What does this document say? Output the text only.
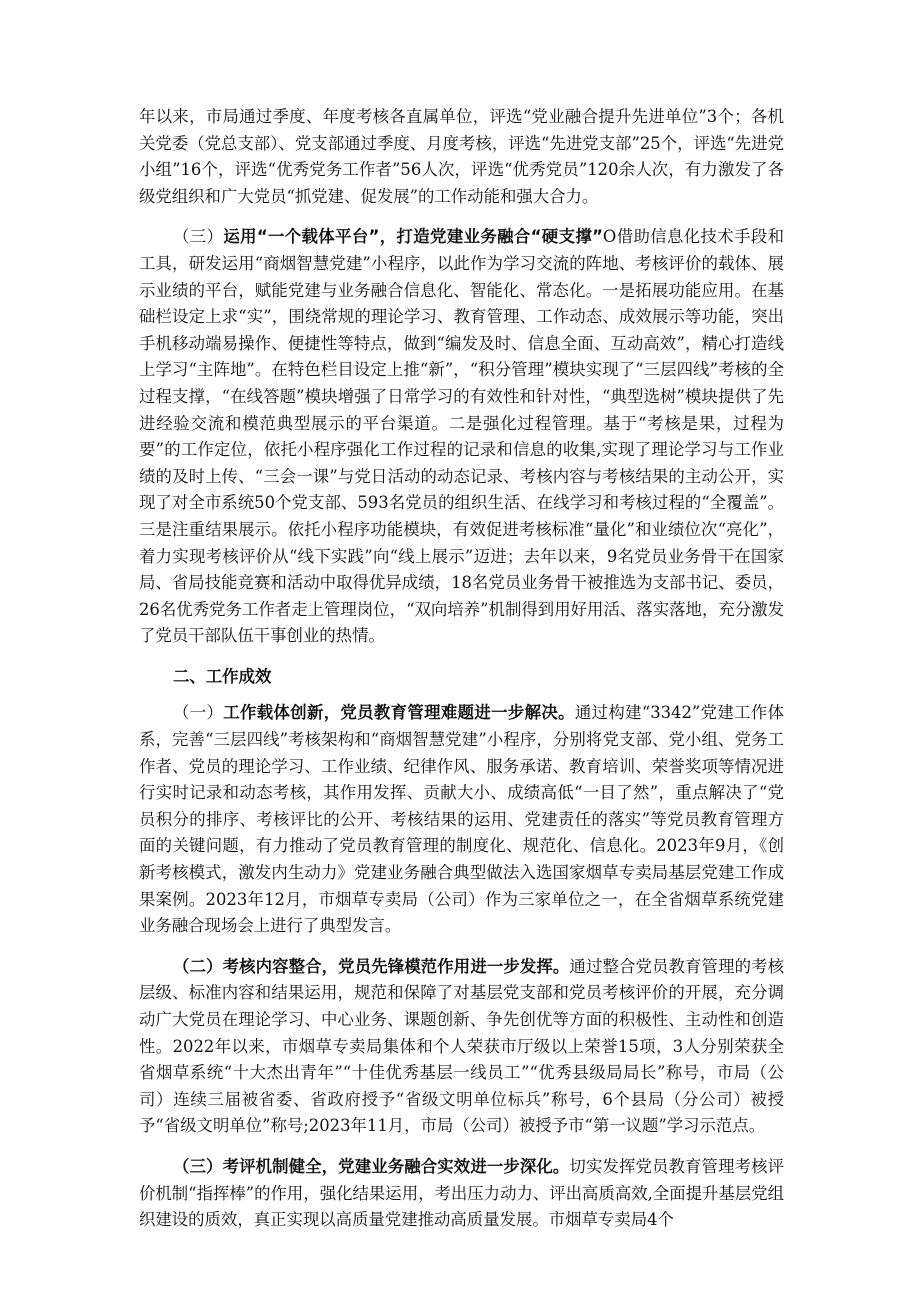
年以来，市局通过季度、年度考核各直属单位，评选“党业融合提升先进单位”3个；各机关党委（党总支部）、党支部通过季度、月度考核，评选“先进党支部”25个，评选“先进党小组”16个，评选“优秀党务工作者”56人次，评选“优秀党员”120余人次，有力激发了各级党组织和广大党员“抓党建、促发展”的工作动能和强大合力。

（三）运用“一个载体平台”，打造党建业务融合“硬支撑”O借助信息化技术手段和工具，研发运用“商烟智慧党建”小程序，以此作为学习交流的阵地、考核评价的载体、展示业绩的平台，赋能党建与业务融合信息化、智能化、常态化。一是拓展功能应用。在基础栏设定上求“实”，围绕常规的理论学习、教育管理、工作动态、成效展示等功能，突出手机移动端易操作、便捷性等特点，做到“编发及时、信息全面、互动高效”，精心打造线上学习“主阵地”。在特色栏目设定上推“新”，“积分管理”模块实现了“三层四线”考核的全过程支撑，“在线答题”模块增强了日常学习的有效性和针对性，“典型选树”模块提供了先进经验交流和模范典型展示的平台渠道。二是强化过程管理。基于“考核是果，过程为要”的工作定位，依托小程序强化工作过程的记录和信息的收集,实现了理论学习与工作业绩的及时上传、“三会一课”与党日活动的动态记录、考核内容与考核结果的主动公开，实现了对全市系统50个党支部、593名党员的组织生活、在线学习和考核过程的“全覆盖”。三是注重结果展示。依托小程序功能模块，有效促进考核标准“量化”和业绩位次“亮化”，着力实现考核评价从“线下实践”向“线上展示”迈进；去年以来，9名党员业务骨干在国家局、省局技能竞赛和活动中取得优异成绩，18名党员业务骨干被推选为支部书记、委员，26名优秀党务工作者走上管理岗位，“双向培养”机制得到用好用活、落实落地，充分激发了党员干部队伍干事创业的热情。

二、工作成效

（一）工作载体创新，党员教育管理难题进一步解决。通过构建“3342”党建工作体系，完善“三层四线”考核架构和“商烟智慧党建”小程序，分别将党支部、党小组、党务工作者、党员的理论学习、工作业绩、纪律作风、服务承诺、教育培训、荣誉奖项等情况进行实时记录和动态考核，其作用发挥、贡献大小、成绩高低“一目了然”，重点解决了“党员积分的排序、考核评比的公开、考核结果的运用、党建责任的落实”等党员教育管理方面的关键问题，有力推动了党员教育管理的制度化、规范化、信息化。2023年9月，《创新考核模式，激发内生动力》党建业务融合典型做法入选国家烟草专卖局基层党建工作成果案例。2023年12月，市烟草专卖局（公司）作为三家单位之一，在全省烟草系统党建业务融合现场会上进行了典型发言。

（二）考核内容整合，党员先锋模范作用进一步发挥。通过整合党员教育管理的考核层级、标准内容和结果运用，规范和保障了对基层党支部和党员考核评价的开展，充分调动广大党员在理论学习、中心业务、课题创新、争先创优等方面的积极性、主动性和创造性。2022年以来，市烟草专卖局集体和个人荣获市厅级以上荣誉15项，3人分别荣获全省烟草系统“十大杰出青年”“十佳优秀基层一线员工”“优秀县级局局长”称号，市局（公司）连续三届被省委、省政府授予“省级文明单位标兵”称号，6个县局（分公司）被授予“省级文明单位”称号;2023年11月，市局（公司）被授予市“第一议题”学习示范点。

（三）考评机制健全，党建业务融合实效进一步深化。切实发挥党员教育管理考核评价机制“指挥棒”的作用，强化结果运用，考出压力动力、评出高质高效,全面提升基层党组织建设的质效，真正实现以高质量党建推动高质量发展。市烟草专卖局4个
